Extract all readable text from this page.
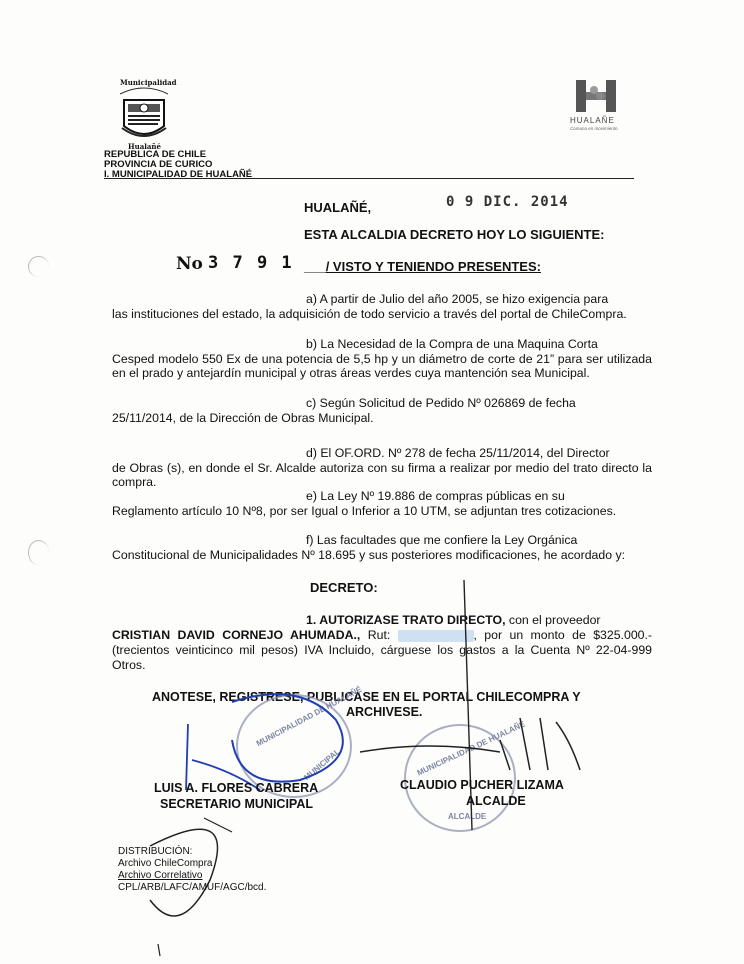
Municipalidad
Hualañé
HUALAÑE
Comuna en movimiento
REPUBLICA DE CHILE
PROVINCIA DE CURICO
I. MUNICIPALIDAD DE HUALAÑÉ
HUALAÑÉ,	0 9 DIC. 2014
ESTA ALCALDIA DECRETO HOY LO SIGUIENTE:
No 3 7 9 1 ___/ VISTO Y TENIENDO PRESENTES:

a) A partir de Julio del año 2005, se hizo exigencia para
las instituciones del estado, la adquisición de todo servicio a través del portal de ChileCompra.

b) La Necesidad de la Compra de una Maquina Corta
Cesped modelo 550 Ex de una potencia de 5,5 hp y un diámetro de corte de 21” para ser utilizada en el prado y antejardín municipal y otras áreas verdes cuya mantención sea Municipal.

c) Según Solicitud de Pedido Nº 026869 de fecha
25/11/2014, de la Dirección de Obras Municipal.

d) El OF.ORD. Nº 278 de fecha 25/11/2014, del Director
de Obras (s), en donde el Sr. Alcalde autoriza con su firma a realizar por medio del trato directo la compra.

e) La Ley Nº 19.886 de compras públicas en su
Reglamento artículo 10 Nº8, por ser Igual o Inferior a 10 UTM, se adjuntan tres cotizaciones.

f) Las facultades que me confiere la Ley Orgánica
Constitucional de Municipalidades Nº 18.695 y sus posteriores modificaciones, he acordado y:

DECRETO:

1. AUTORIZASE TRATO DIRECTO, con el proveedor
CRISTIAN DAVID CORNEJO AHUMADA., Rut:	, por un monto de $325.000.- (trecientos veinticinco mil pesos) IVA Incluido, cárguese los gastos a la Cuenta Nº 22-04-999 Otros.

ANOTESE, REGISTRESE, PUBLICASE EN EL PORTAL CHILECOMPRA Y
ARCHIVESE.
MUNICIPALIDAD DE HUALAÑÉ
MUNICIPAL	MUNICIPALIDAD DE HUALAÑÉ
ALCALDE
LUIS A. FLORES CABRERA
SECRETARIO MUNICIPAL
CLAUDIO PUCHER LIZAMA
ALCALDE
DISTRIBUCIÓN:
Archivo ChileCompra
Archivo Correlativo
CPL/ARB/LAFC/AMUF/AGC/bcd.
